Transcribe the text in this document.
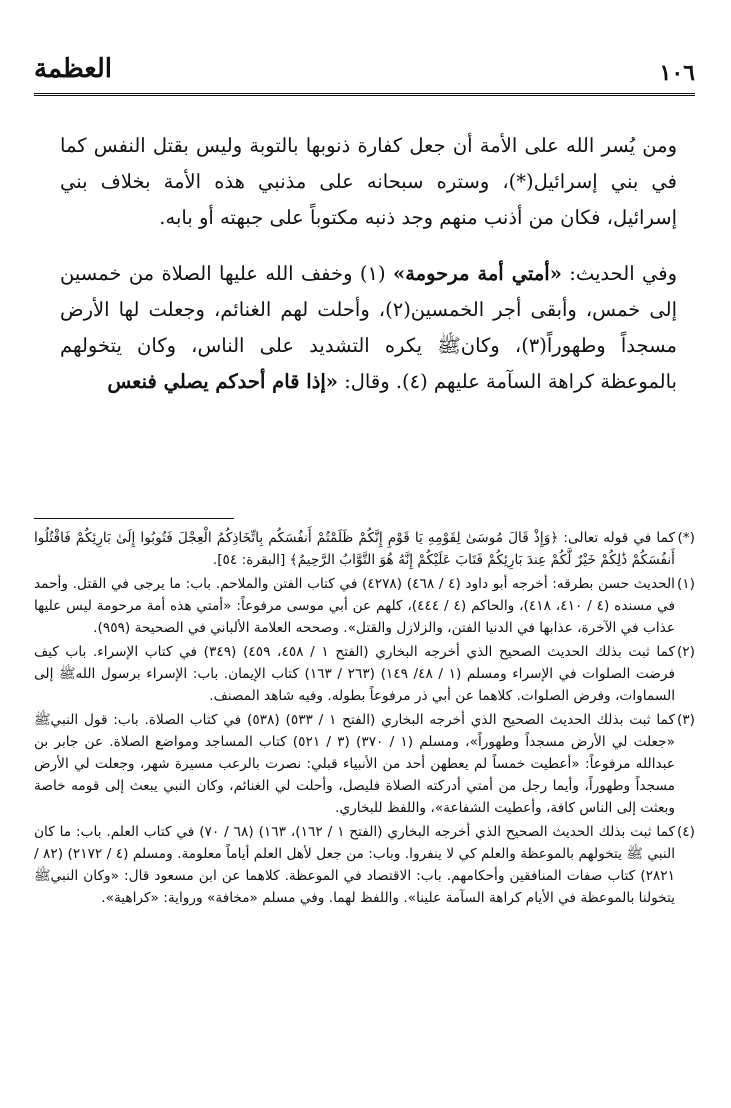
١٠٦
العظمة

ومن يُسر الله على الأمة أن جعل كفارة ذنوبها بالتوبة وليس بقتل النفس كما في بني إسرائيل(*)، وستره سبحانه على مذنبي هذه الأمة بخلاف بني إسرائيل، فكان من أذنب منهم وجد ذنبه مكتوباً على جبهته أو بابه.

وفي الحديث: «أمتي أمة مرحومة» (١) وخفف الله عليها الصلاة من خمسين إلى خمس، وأبقى أجر الخمسين(٢)، وأحلت لهم الغنائم، وجعلت لها الأرض مسجداً وطهوراً(٣)، وكانﷺ يكره التشديد على الناس، وكان يتخولهم بالموعظة كراهة السآمة عليهم (٤). وقال: «إذا قام أحدكم يصلي فنعس

(*)
كما في قوله تعالى: ﴿وَإِذْ قَالَ مُوسَىٰ لِقَوْمِهِ يَا قَوْمِ إِنَّكُمْ ظَلَمْتُمْ أَنفُسَكُم بِاتِّخَاذِكُمُ الْعِجْلَ فَتُوبُوا إِلَىٰ بَارِئِكُمْ فَاقْتُلُوا أَنفُسَكُمْ ذَٰلِكُمْ خَيْرٌ لَّكُمْ عِندَ بَارِئِكُمْ فَتَابَ عَلَيْكُمْ إِنَّهُ هُوَ التَّوَّابُ الرَّحِيمُ﴾ [البقرة: ٥٤].
(١)
الحديث حسن بطرقه: أخرجه أبو داود (٤ / ٤٦٨) (٤٢٧٨) في كتاب الفتن والملاحم. باب: ما يرجى في القتل. وأحمد في مسنده (٤ / ٤١٠، ٤١٨)، والحاكم (٤ / ٤٤٤)، كلهم عن أبي موسى مرفوعاً: «أمتي هذه أمة مرحومة ليس عليها عذاب في الآخرة، عذابها في الدنيا الفتن، والزلازل والقتل». وصححه العلامة الألباني في الصحيحة (٩٥٩).
(٢)
كما ثبت بذلك الحديث الصحيح الذي أخرجه البخاري (الفتح ١ / ٤٥٨، ٤٥٩) (٣٤٩) في كتاب الإسراء. باب كيف فرضت الصلوات في الإسراء ومسلم (١ / ٤٨/ ١٤٩) (٢٦٣ / ١٦٣) كتاب الإيمان. باب: الإسراء برسول اللهﷺ إلى السماوات، وفرض الصلوات. كلاهما عن أبي ذر مرفوعاً بطوله. وفيه شاهد المصنف.
(٣)
كما ثبت بذلك الحديث الصحيح الذي أخرجه البخاري (الفتح ١ / ٥٣٣) (٥٣٨) في كتاب الصلاة. باب: قول النبيﷺ «جعلت لي الأرض مسجداً وطهوراً»، ومسلم (١ / ٣٧٠) (٣ / ٥٢١) كتاب المساجد ومواضع الصلاة. عن جابر بن عبدالله مرفوعاً: «أعطيت خمساً لم يعطهن أحد من الأنبياء قبلي: نصرت بالرعب مسيرة شهر، وجعلت لي الأرض مسجداً وطهوراً، وأيما رجل من أمتي أدركته الصلاة فليصل، وأحلت لي الغنائم، وكان النبي يبعث إلى قومه خاصة وبعثت إلى الناس كافة، وأعطيت الشفاعة»، واللفظ للبخاري.
(٤)
كما ثبت بذلك الحديث الصحيح الذي أخرجه البخاري (الفتح ١ / ١٦٢)، ١٦٣) (٦٨ / ٧٠) في كتاب العلم. باب: ما كان النبي ﷺ يتخولهم بالموعظة والعلم كي لا ينفروا. وباب: من جعل لأهل العلم أياماً معلومة. ومسلم (٤ / ٢١٧٢) (٨٢ / ٢٨٢١) كتاب صفات المنافقين وأحكامهم. باب: الاقتصاد في الموعظة. كلاهما عن ابن مسعود قال: «وكان النبيﷺ يتخولنا بالموعظة في الأيام كراهة السآمة علينا». واللفظ لهما. وفي مسلم «مخافة» ورواية: «كراهية».
